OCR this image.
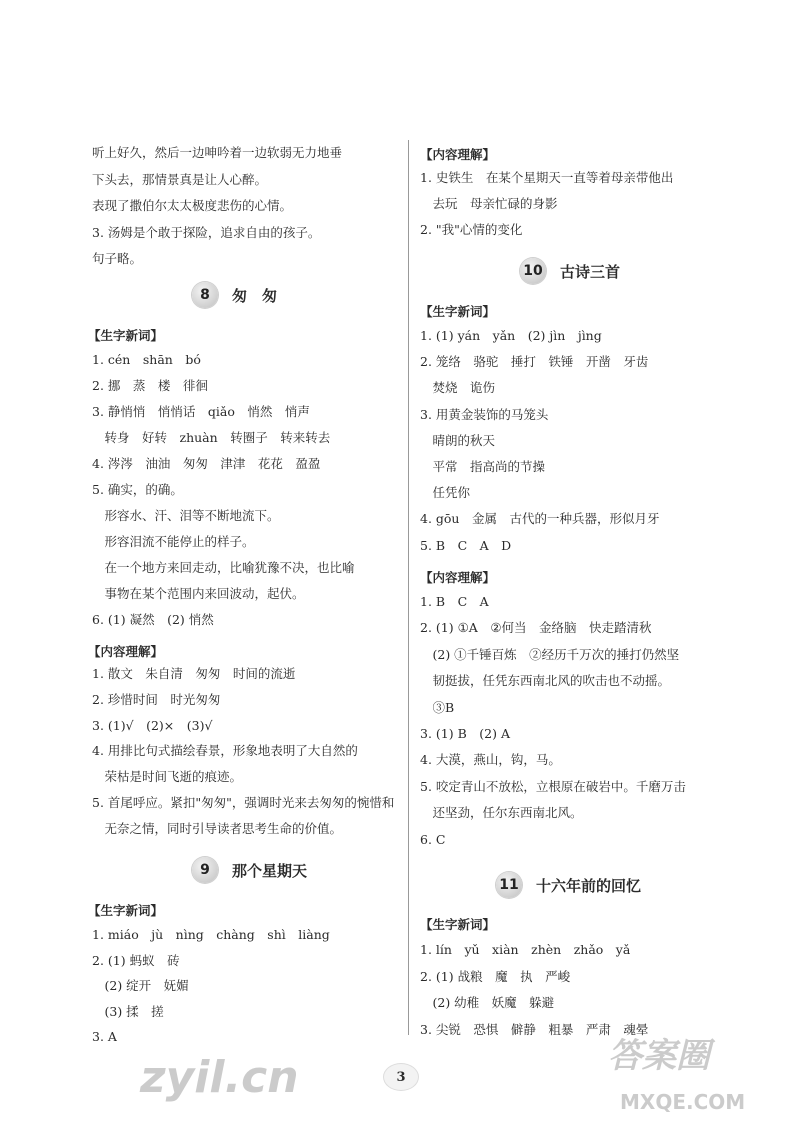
听上好久，然后一边呻吟着一边软弱无力地垂
下头去，那情景真是让人心醉。
表现了撒伯尔太太极度悲伤的心情。
3. 汤姆是个敢于探险，追求自由的孩子。
句子略。
8	匆　匆
【生字新词】
1. cén　shān　bó
2. 挪　蒸　楼　徘徊
3. 静悄悄　悄悄话　qiǎo　悄然　悄声
　转身　好转　zhuàn　转圈子　转来转去
4. 涔涔　油油　匆匆　津津　花花　盈盈
5. 确实，的确。
　形容水、汗、泪等不断地流下。
　形容泪流不能停止的样子。
　在一个地方来回走动，比喻犹豫不决，也比喻
　事物在某个范围内来回波动，起伏。
6. (1) 凝然　(2) 悄然
【内容理解】
1. 散文　朱自清　匆匆　时间的流逝
2. 珍惜时间　时光匆匆
3. (1)√　(2)×　(3)√
4. 用排比句式描绘春景，形象地表明了大自然的
　荣枯是时间飞逝的痕迹。
5. 首尾呼应。紧扣"匆匆"，强调时光来去匆匆的惋惜和
　无奈之情，同时引导读者思考生命的价值。
9	那个星期天
【生字新词】
1. miáo　jù　nìng　chàng　shì　liàng
2. (1) 蚂蚁　砖
　(2) 绽开　妩媚
　(3) 揉　搓
3. A
【内容理解】
1. 史铁生　在某个星期天一直等着母亲带他出
　去玩　母亲忙碌的身影
2. "我"心情的变化
10 古诗三首
【生字新词】
1. (1) yán　yǎn　(2) jìn　jìng
2. 笼络　骆驼　捶打　铁锤　开凿　牙齿
　焚烧　诡伤
3. 用黄金装饰的马笼头
　晴朗的秋天
　平常　指高尚的节操
　任凭你
4. gōu　金属　古代的一种兵器，形似月牙
5. B　C　A　D
【内容理解】
1. B　C　A
2. (1) ①A　②何当　金络脑　快走踏清秋
　(2) ①千锤百炼　②经历千万次的捶打仍然坚
　韧挺拔，任凭东西南北风的吹击也不动摇。
　③B
3. (1) B　(2) A
4. 大漠，燕山，钩，马。
5. 咬定青山不放松，立根原在破岩中。千磨万击
　还坚劲，任尔东西南北风。
6. C
11 十六年前的回忆
【生字新词】
1. lín　yǔ　xiàn　zhèn　zhǎo　yǎ
2. (1) 战粮　魔　执　严峻
　(2) 幼稚　妖魔　躲避
3. 尖锐　恐惧　僻静　粗暴　严肃　魂晕
3
zyil.cn	答案圈
MXQE.COM
